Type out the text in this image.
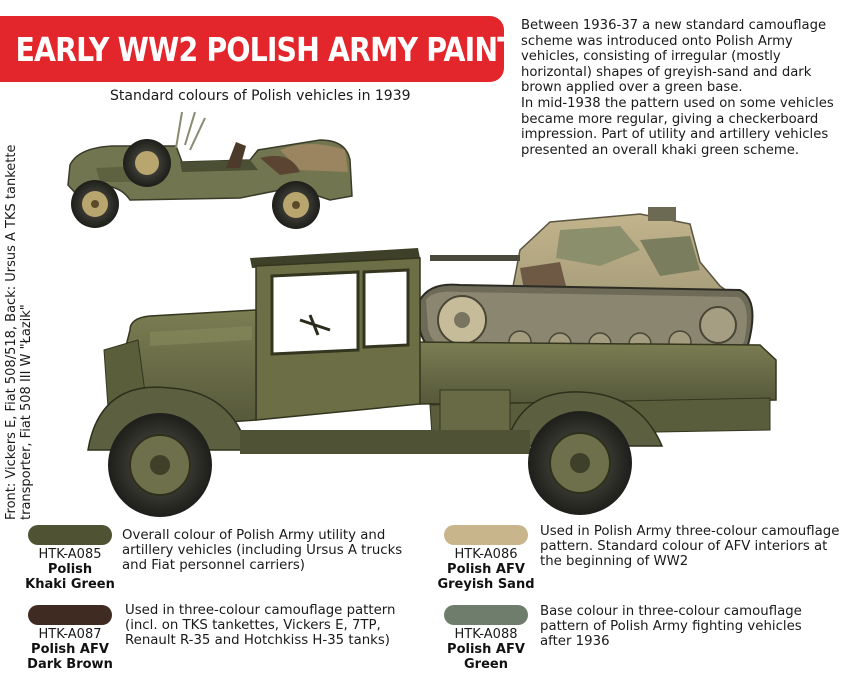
EARLY WW2 POLISH ARMY PAINT SET
Standard colours of Polish vehicles in 1939

Between 1936-37 a new standard camouflage scheme was introduced onto Polish Army vehicles, consisting of irregular (mostly horizontal) shapes of greyish-sand and dark brown applied over a green base.

In mid-1938 the pattern used on some vehicles became more regular, giving a checkerboard impression. Part of utility and artillery vehicles presented an overall khaki green scheme.

Front: Vickers E, Fiat 508/518, Back: Ursus A TKS tankette transporter, Fiat 508 III W "Łazik"
HTK-A085
Polish
Khaki Green
Overall colour of Polish Army utility and artillery vehicles (including Ursus A trucks and Fiat personnel carriers)
HTK-A086
Polish AFV
Greyish Sand
Used in Polish Army three-colour camouflage pattern. Standard colour of AFV interiors at the beginning of WW2
HTK-A087
Polish AFV
Dark Brown
Used in three-colour camouflage pattern (incl. on TKS tankettes, Vickers E, 7TP, Renault R-35 and Hotchkiss H-35 tanks)	HTK-A088
Polish AFV
Green
Base colour in three-colour camouflage pattern of Polish Army fighting vehicles after 1936
